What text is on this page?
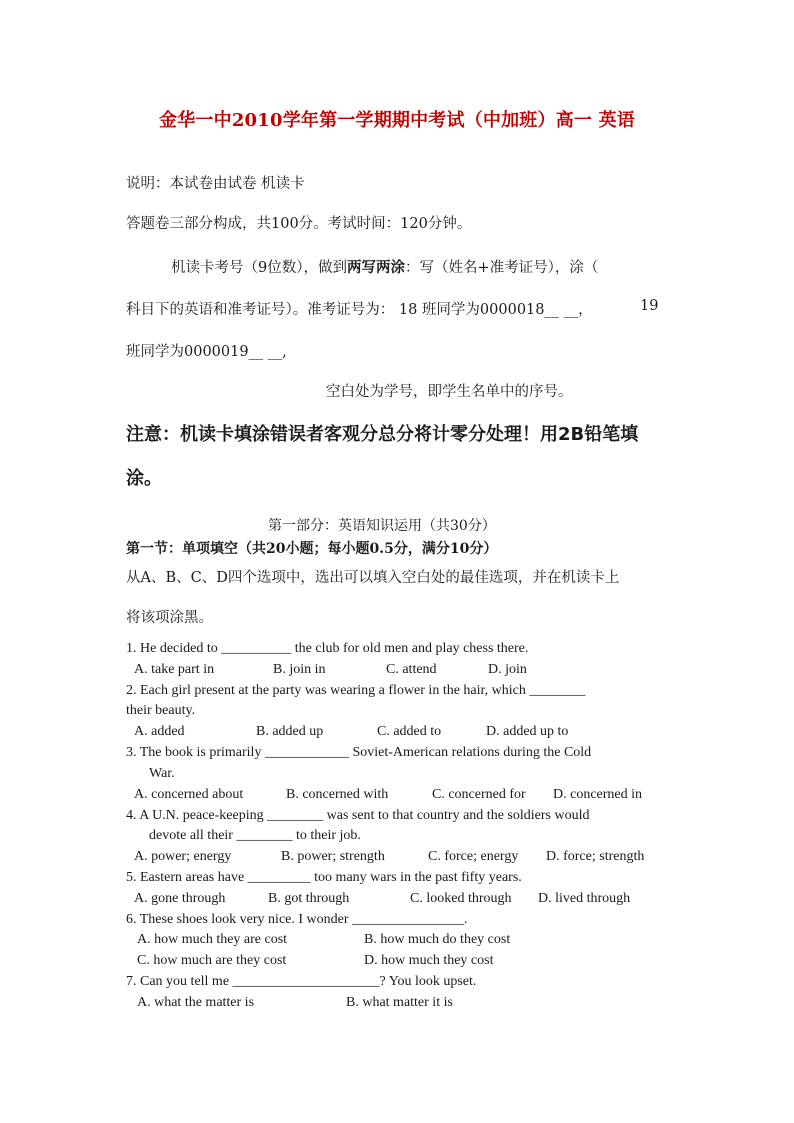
金华一中2010学年第一学期期中考试（中加班）高一 英语
说明：本试卷由试卷 机读卡
答题卷三部分构成，共100分。考试时间：120分钟。
机读卡考号（9位数），做到两写两涂：写（姓名+准考证号），涂（
科目下的英语和准考证号）。准考证号为： 18 班同学为0000018__ __，	19
班同学为0000019__ __,
空白处为学号，即学生名单中的序号。
注意：机读卡填涂错误者客观分总分将计零分处理！用2B铅笔填
涂。
第一部分：英语知识运用（共30分）
第一节：单项填空（共20小题；每小题0.5分，满分10分）
从A、B、C、D四个选项中，选出可以填入空白处的最佳选项，并在机读卡上
将该项涂黑。
1. He decided to __________ the club for old men and play chess there.
A. take part in	B. join in	C. attend	D. join
2. Each girl present at the party was wearing a flower in the hair, which ________
their beauty.
A. added	B. added up	C. added to	D. added up to
3. The book is primarily ____________ Soviet-American relations during the Cold
War.
A. concerned about	B. concerned with	C. concerned for D. concerned in
4. A U.N. peace-keeping ________ was sent to that country and the soldiers would
devote all their ________ to their job.
A. power; energy	B. power; strength	C. force; energy D. force; strength
5. Eastern areas have _________ too many wars in the past fifty years.
A. gone through	B. got through	C. looked through D. lived through
6. These shoes look very nice. I wonder ________________.
A. how much they are cost	B. how much do they cost
C. how much are they cost	D. how much they cost
7. Can you tell me _____________________? You look upset.
A. what the matter is	B. what matter it is
